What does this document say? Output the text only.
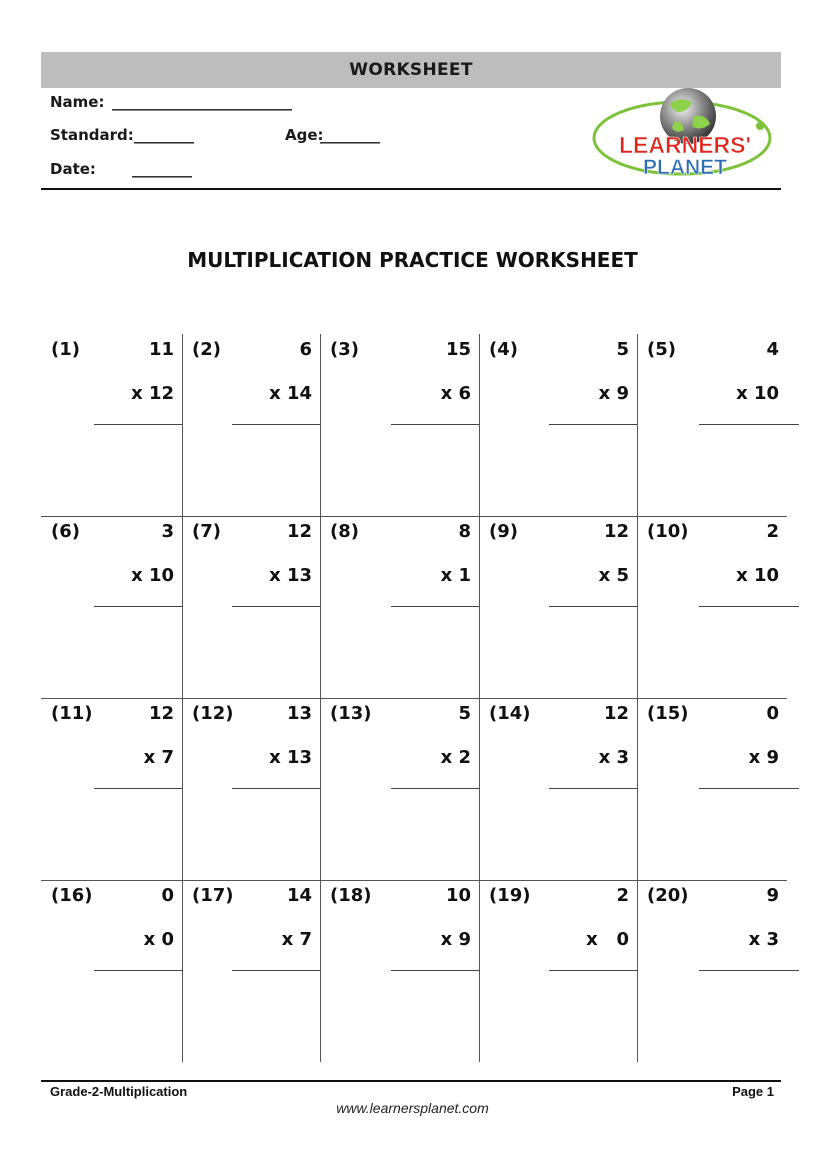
WORKSHEET
Name: ________________________
Standard: ________	Age:
________
Date: ________
LEARNERS'
PLANET
MULTIPLICATION PRACTICE WORKSHEET
(1)	11
x 12
(2)	6
x 14
(3)	15
x 6
(4)	5
x 9
(5)	4
x 10
(6)	3
x 10
(7)	12
x 13
(8)	8
x 1
(9)	12
x 5
(10)	2
x 10
(11)	12
x 7
(12)	13
x 13
(13)	5
x 2
(14)	12
x 3
(15)	0
x 9
(16)	0
x 0
(17)	14
x 7
(18)	10
x 9
(19)	2
x   0
(20)	9
x 3
Grade-2-Multiplication	Page 1
www.learnersplanet.com
